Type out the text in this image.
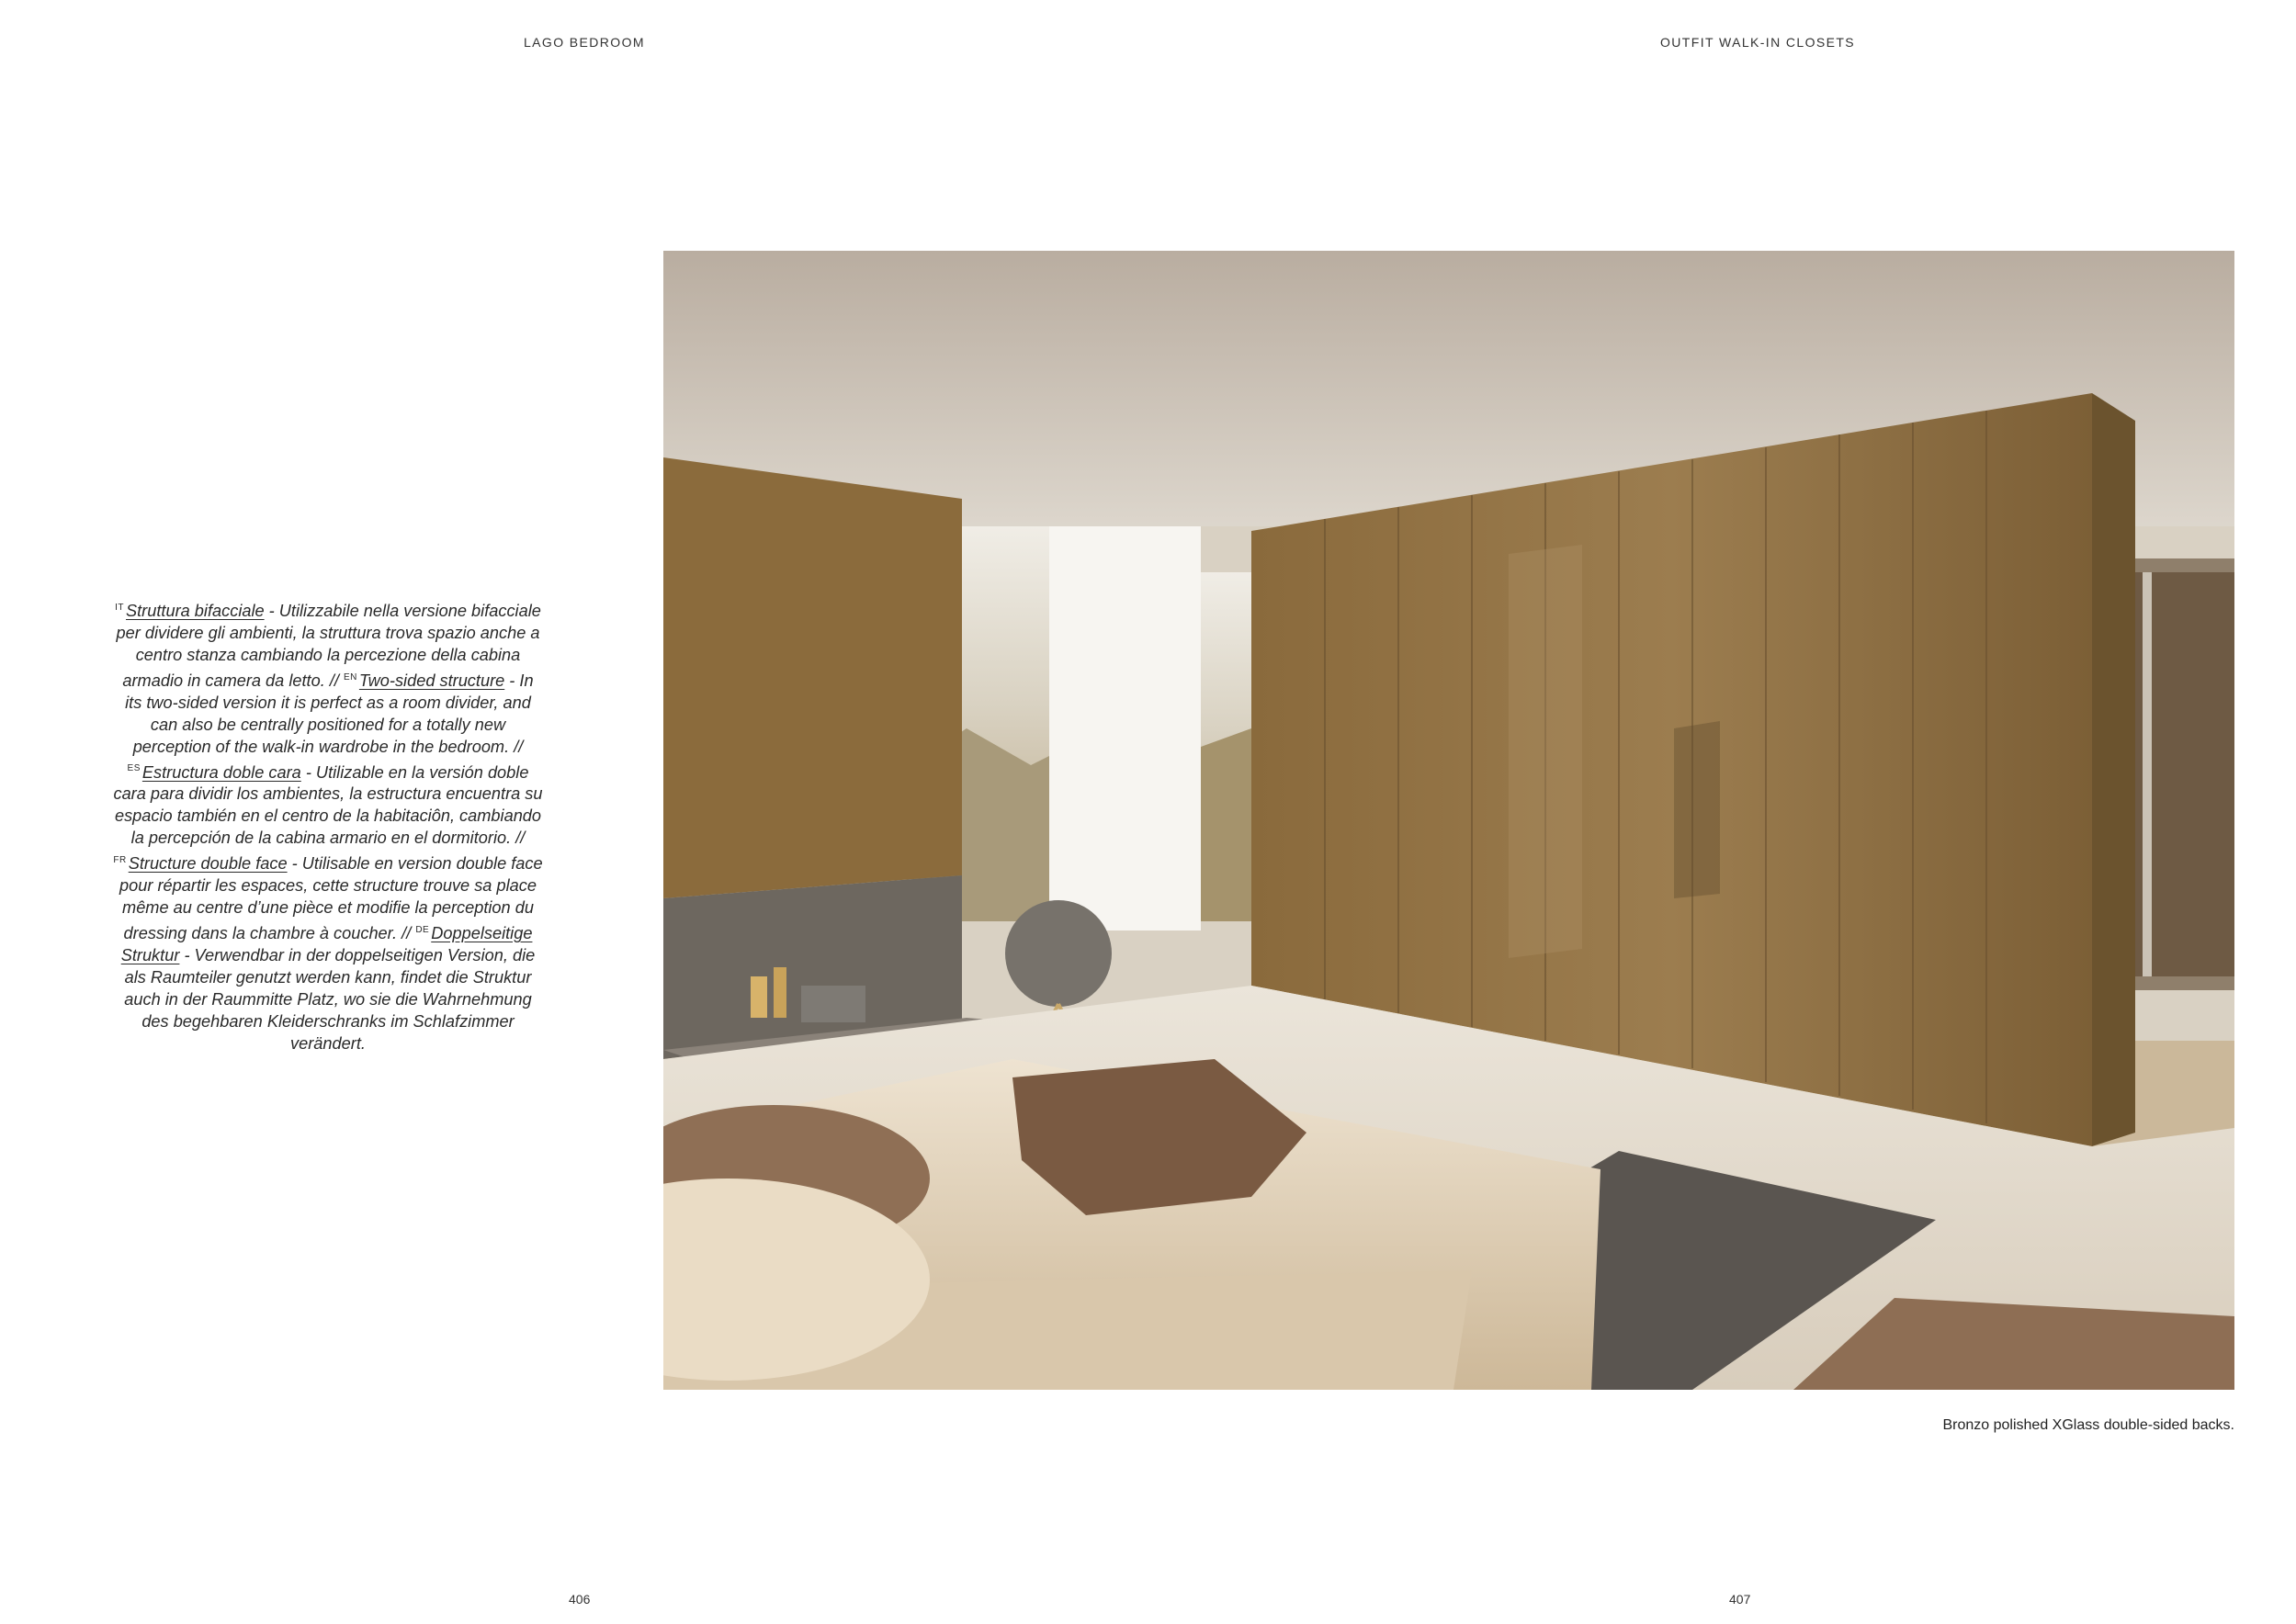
LAGO BEDROOM	OUTFIT WALK-IN CLOSETS
$^{IT}$ Struttura bifacciale - Utilizzabile nella versione bifacciale per dividere gli ambienti, la struttura trova spazio anche a centro stanza cambiando la percezione della cabina armadio in camera da letto. // $^{EN}$ Two-sided structure - In its two-sided version it is perfect as a room divider, and can also be centrally positioned for a totally new perception of the walk-in wardrobe in the bedroom. // $^{ES}$ Estructura doble cara - Utilizable en la versión doble cara para dividir los ambientes, la estructura encuentra su espacio también en el centro de la habitaciôn, cambiando la percepción de la cabina armario en el dormitorio. // $^{FR}$ Structure double face - Utilisable en version double face pour répartir les espaces, cette structure trouve sa place même au centre d’une pièce et modifie la perception du dressing dans la chambre à coucher. // $^{DE}$ Doppelseitige Struktur - Verwendbar in der doppelseitigen Version, die als Raumteiler genutzt werden kann, findet die Struktur auch in der Raummitte Platz, wo sie die Wahrnehmung des begehbaren Kleiderschranks im Schlafzimmer verändert.
Bronzo polished XGlass double-sided backs.
406	407
